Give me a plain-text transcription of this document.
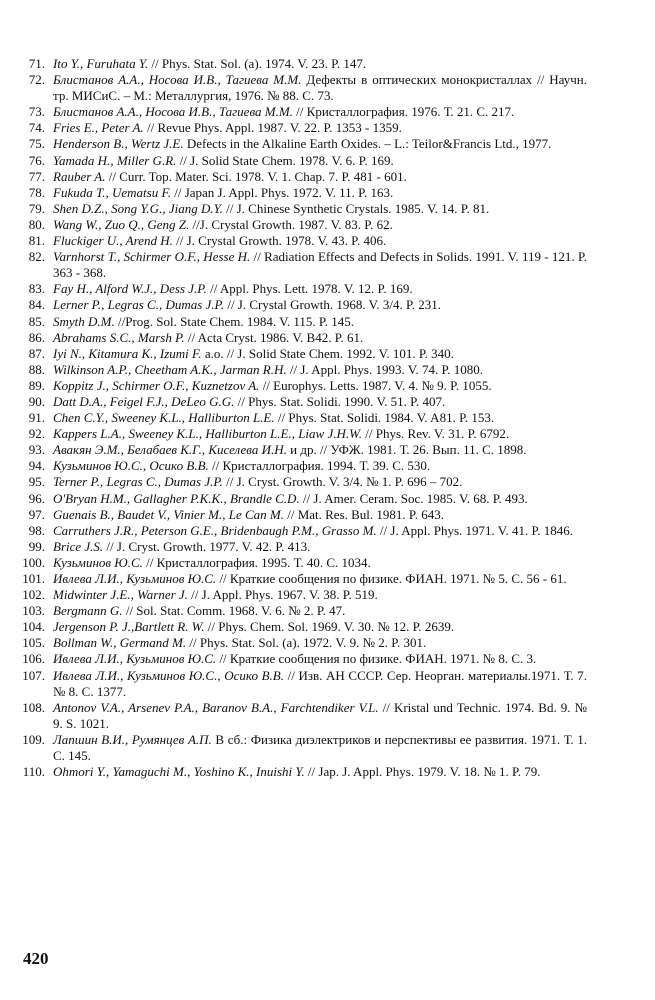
71. Ito Y., Furuhata Y. // Phys. Stat. Sol. (a). 1974. V. 23. P. 147.
72. Блистанов А.А., Носова И.В., Тагиева М.М. Дефекты в оптических монокристаллах // Научн. тр. МИСиС. – М.: Металлургия, 1976. № 88. С. 73.
73. Блистанов А.А., Носова И.В., Тагиева М.М. // Кристаллография. 1976. Т. 21. С. 217.
74. Fries E., Peter A. // Revue Phys. Appl. 1987. V. 22. P. 1353 - 1359.
75. Henderson B., Wertz J.E. Defects in the Alkaline Earth Oxides. – L.: Teilor&Francis Ltd., 1977.
76. Yamada H., Miller G.R. // J. Solid State Chem. 1978. V. 6. P. 169.
77. Rauber A. // Curr. Top. Mater. Sci. 1978. V. 1. Chap. 7. P. 481 - 601.
78. Fukuda T., Uematsu F. // Japan J. Appl. Phys. 1972. V. 11. P. 163.
79. Shen D.Z., Song Y.G., Jiang D.Y. // J. Chinese Synthetic Crystals. 1985. V. 14. P. 81.
80. Wang W., Zuo Q., Geng Z. //J. Crystal Growth. 1987. V. 83. P. 62.
81. Fluckiger U., Arend H. // J. Crystal Growth. 1978. V. 43. P. 406.
82. Varnhorst T., Schirmer O.F., Hesse H. // Radiation Effects and Defects in Solids. 1991. V. 119 - 121. P. 363 - 368.
83. Fay H., Alford W.J., Dess J.P. // Appl. Phys. Lett. 1978. V. 12. P. 169.
84. Lerner P., Legras C., Dumas J.P. // J. Crystal Growth. 1968. V. 3/4. P. 231.
85. Smyth D.M. //Prog. Sol. State Chem. 1984. V. 115. P. 145.
86. Abrahams S.C., Marsh P. // Acta Cryst. 1986. V. B42. P. 61.
87. Iyi N., Kitamura K., Izumi F. a.o. // J. Solid State Chem. 1992. V. 101. P. 340.
88. Wilkinson A.P., Cheetham A.K., Jarman R.H. // J. Appl. Phys. 1993. V. 74. P. 1080.
89. Koppitz J., Schirmer O.F., Kuznetzov A. // Europhys. Letts. 1987. V. 4. № 9. P. 1055.
90. Datt D.A., Feigel F.J., DeLeo G.G. // Phys. Stat. Solidi. 1990. V. 51. P. 407.
91. Chen C.Y., Sweeney K.L., Halliburton L.E. // Phys. Stat. Solidi. 1984. V. A81. P. 153.
92. Kappers L.A., Sweeney K.L., Halliburton L.E., Liaw J.H.W. // Phys. Rev. V. 31. P. 6792.
93. Авакян Э.М., Белабаев К.Г., Киселева И.Н. и др. // УФЖ. 1981. Т. 26. Вып. 11. С. 1898.
94. Кузьминов Ю.С., Осико В.В. // Кристаллография. 1994. Т. 39. С. 530.
95. Terner P., Legras C., Dumas J.P. // J. Cryst. Growth. V. 3/4. № 1. P. 696 – 702.
96. O'Bryan H.M., Gallagher P.K.K., Brandle C.D. // J. Amer. Ceram. Soc. 1985. V. 68. P. 493.
97. Guenais B., Baudet V., Vinier M., Le Can M. // Mat. Res. Bul. 1981. P. 643.
98. Carruthers J.R., Peterson G.E., Bridenbaugh P.M., Grasso M. // J. Appl. Phys. 1971. V. 41. P. 1846.
99. Brice J.S. // J. Cryst. Growth. 1977. V. 42. P. 413.
100. Кузьминов Ю.С. // Кристаллография. 1995. Т. 40. С. 1034.
101. Ивлева Л.И., Кузьминов Ю.С. // Краткие сообщения по физике. ФИАН. 1971. № 5. С. 56 - 61.
102. Midwinter J.E., Warner J. // J. Appl. Phys. 1967. V. 38. P. 519.
103. Bergmann G. // Sol. Stat. Comm. 1968. V. 6. № 2. P. 47.
104. Jergenson P. J.,Bartlett R. W. // Phys. Chem. Sol. 1969. V. 30. № 12. P. 2639.
105. Bollman W., Germand M. // Phys. Stat. Sol. (a). 1972. V. 9. № 2. P. 301.
106. Ивлева Л.И., Кузьминов Ю.С. // Краткие сообщения по физике. ФИАН. 1971. № 8. С. 3.
107. Ивлева Л.И., Кузьминов Ю.С., Осико В.В. // Изв. АН СССР. Сер. Неорган. материалы.1971. Т. 7. № 8. С. 1377.
108. Antonov V.A., Arsenev P.A., Baranov B.A., Farchtendiker V.L. // Kristal und Technic. 1974. Bd. 9. № 9. S. 1021.
109. Лапшин В.И., Румянцев А.П. В сб.: Физика диэлектриков и перспективы ее развития. 1971. Т. 1. С. 145.
110. Ohmori Y., Yamaguchi M., Yoshino K., Inuishi Y. // Jap. J. Appl. Phys. 1979. V. 18. № 1. P. 79.
420
